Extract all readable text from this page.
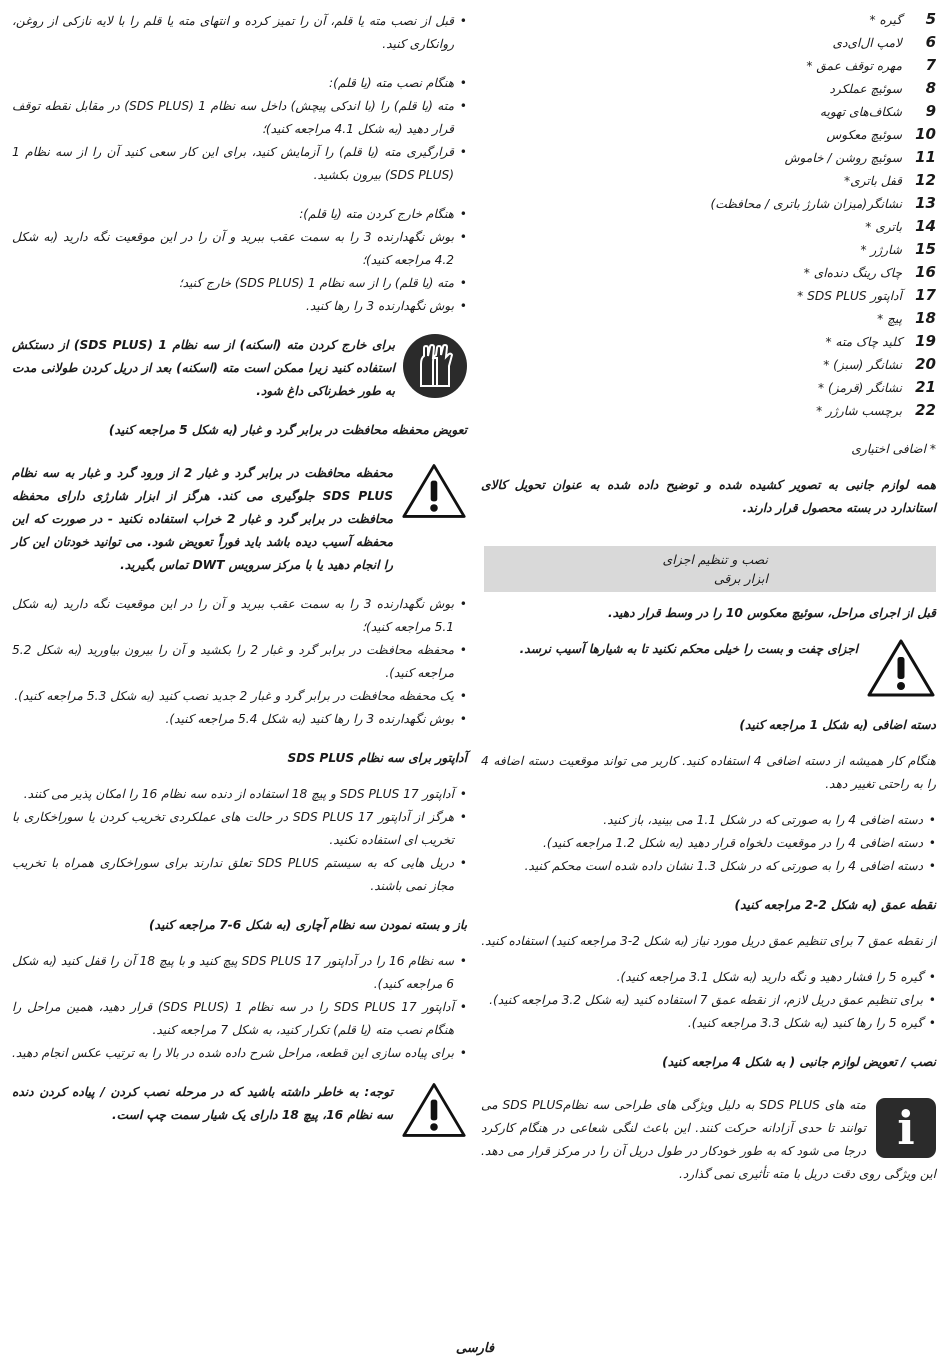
5
گیره *
6
لامپ ال‌ای‌دی
7
مهره توقف عمق *
8
سوئیچ عملکرد
9
شکاف‌های تهویه
10
سوئیچ معکوس
11
سوئیچ روشن / خاموش
12
قفل باتری*
13
نشانگر(میزان شارژ باتری / محافظت)
14
باتری *
15
شارژر *
16
چاک رینگ دنده‌ای *
17
آداپتور SDS PLUS *
18
پیچ *
19
کلید چاک مته *
20
نشانگر (سبز) *
21
نشانگر (قرمز) *
22
برچسب شارژر *

* اضافی اختیاری

همه لوازم جانبی به تصویر کشیده شده و توضیح داده شده به عنوان تحویل کالای استاندارد در بسته محصول قرار دارند.

نصب و تنظیم اجزای
ابزار برقی

قبل از اجرای مراحل، سوئیچ معکوس 10 را در وسط قرار دهید.

اجزای چفت و بست را خیلی محکم نکنید تا به شیارها آسیب نرسد.

دسته اضافی (به شکل 1 مراجعه کنید)

هنگام کار همیشه از دسته اضافی 4 استفاده کنید. کاربر می تواند موقعیت دسته اضافه 4 را به راحتی تغییر دهد.

• دسته اضافی 4 را به صورتی که در شکل 1.1 می بینید، باز کنید.

• دسته اضافی 4 را در موقعیت دلخواه قرار دهید (به شکل 1.2 مراجعه کنید).

• دسته اضافی 4 را به صورتی که در شکل 1.3 نشان داده شده است محکم کنید.

نقطه عمق (به شکل 2-2 مراجعه کنید)

از نقطه عمق 7 برای تنظیم عمق دریل مورد نیاز (به شکل 2-3 مراجعه کنید) استفاده کنید.

• گیره 5 را فشار دهید و نگه دارید (به شکل 3.1 مراجعه کنید).

• برای تنظیم عمق دریل لازم، از نقطه عمق 7 استفاده کنید (به شکل 3.2 مراجعه کنید).

• گیره 5 را رها کنید (به شکل 3.3 مراجعه کنید).

نصب / تعویض لوازم جانبی ( به شکل 4 مراجعه کنید)

i

مته های SDS PLUS به دلیل ویژگی های طراحی سه نظامSDS PLUS می توانند تا حدی آزادانه حرکت کنند. این باعث لنگی شعاعی در هنگام کارکرد درجا می شود که به طور خودکار در طول دریل آن را در مرکز قرار می دهد. این ویژگی روی دقت دریل با مته تأثیری نمی گذارد.

• قبل از نصب مته یا قلم، آن را تمیز کرده و انتهای مته یا قلم را با لایه نازکی از روغن، روانکاری کنید.

• هنگام نصب مته (یا قلم):

• مته (یا قلم) را (با اندکی پیچش) داخل سه نظام 1 (SDS PLUS) در مقابل نقطه توقف قرار دهید (به شکل 4.1 مراجعه کنید)؛

• قرارگیری مته (یا قلم) را آزمایش کنید، برای این کار سعی کنید آن را از سه نظام 1 (SDS PLUS) بیرون بکشید.

• هنگام خارج کردن مته (یا قلم):

• بوش نگهدارنده 3 را به سمت عقب ببرید و آن را در این موقعیت نگه دارید (به شکل 4.2 مراجعه کنید)؛

• مته (یا قلم) را از سه نظام 1 (SDS PLUS) خارج کنید؛

• بوش نگهدارنده 3 را رها کنید.

برای خارج کردن مته (اسکنه) از سه نظام 1 (SDS PLUS) از دستکش استفاده کنید زیرا ممکن است مته (اسکنه) بعد از دریل کردن طولانی مدت به طور خطرناکی داغ شود.

تعویض محفظه محافظت در برابر گرد و غبار (به شکل 5 مراجعه کنید)

محفظه محافظت در برابر گرد و غبار 2 از ورود گرد و غبار به سه نظام SDS PLUS جلوگیری می کند. هرگز از ابزار شارژی دارای محفظه محافظت در برابر گرد و غبار 2 خراب استفاده نکنید - در صورت که این محفظه آسیب دیده باشد باید فوراً تعویض شود. می توانید خودتان این کار را انجام دهید یا با مرکز سرویس DWT تماس بگیرید.

• بوش نگهدارنده 3 را به سمت عقب ببرید و آن را در این موقعیت نگه دارید (به شکل 5.1 مراجعه کنید)؛

• محفظه محافظت در برابر گرد و غبار 2 را بکشید و آن را بیرون بیاورید (به شکل 5.2 مراجعه کنید).

• یک محفظه محافظت در برابر گرد و غبار 2 جدید نصب کنید (به شکل 5.3 مراجعه کنید).

• بوش نگهدارنده 3 را رها کنید (به شکل 5.4 مراجعه کنید).

آداپتور برای سه نظام SDS PLUS

• آداپتور SDS PLUS 17 و پیچ 18 استفاده از دنده سه نظام 16 را امکان پذیر می کنند.

• هرگز از آداپتور SDS PLUS 17 در حالت های عملکردی تخریب کردن یا سوراخکاری با تخریب ای استفاده نکنید.

• دریل هایی که به سیستم SDS PLUS تعلق ندارند برای سوراخکاری همراه با تخریب مجاز نمی باشند.

باز و بسته نمودن سه نظام آچاری (به شکل 6-7 مراجعه کنید)

• سه نظام 16 را در آداپتور SDS PLUS 17 پیچ کنید و با پیچ 18 آن را قفل کنید (به شکل 6 مراجعه کنید).

• آداپتور SDS PLUS 17 را در سه نظام 1 (SDS PLUS) قرار دهید، همین مراحل را هنگام نصب مته (یا قلم) تکرار کنید، به شکل 7 مراجعه کنید.

• برای پیاده سازی این قطعه، مراحل شرح داده شده در بالا را به ترتیب عکس انجام دهید.

توجه: به خاطر داشته باشید که در مرحله نصب کردن / پیاده کردن دنده سه نظام 16، پیچ 18 دارای یک شیار سمت چپ است.
فارسی
